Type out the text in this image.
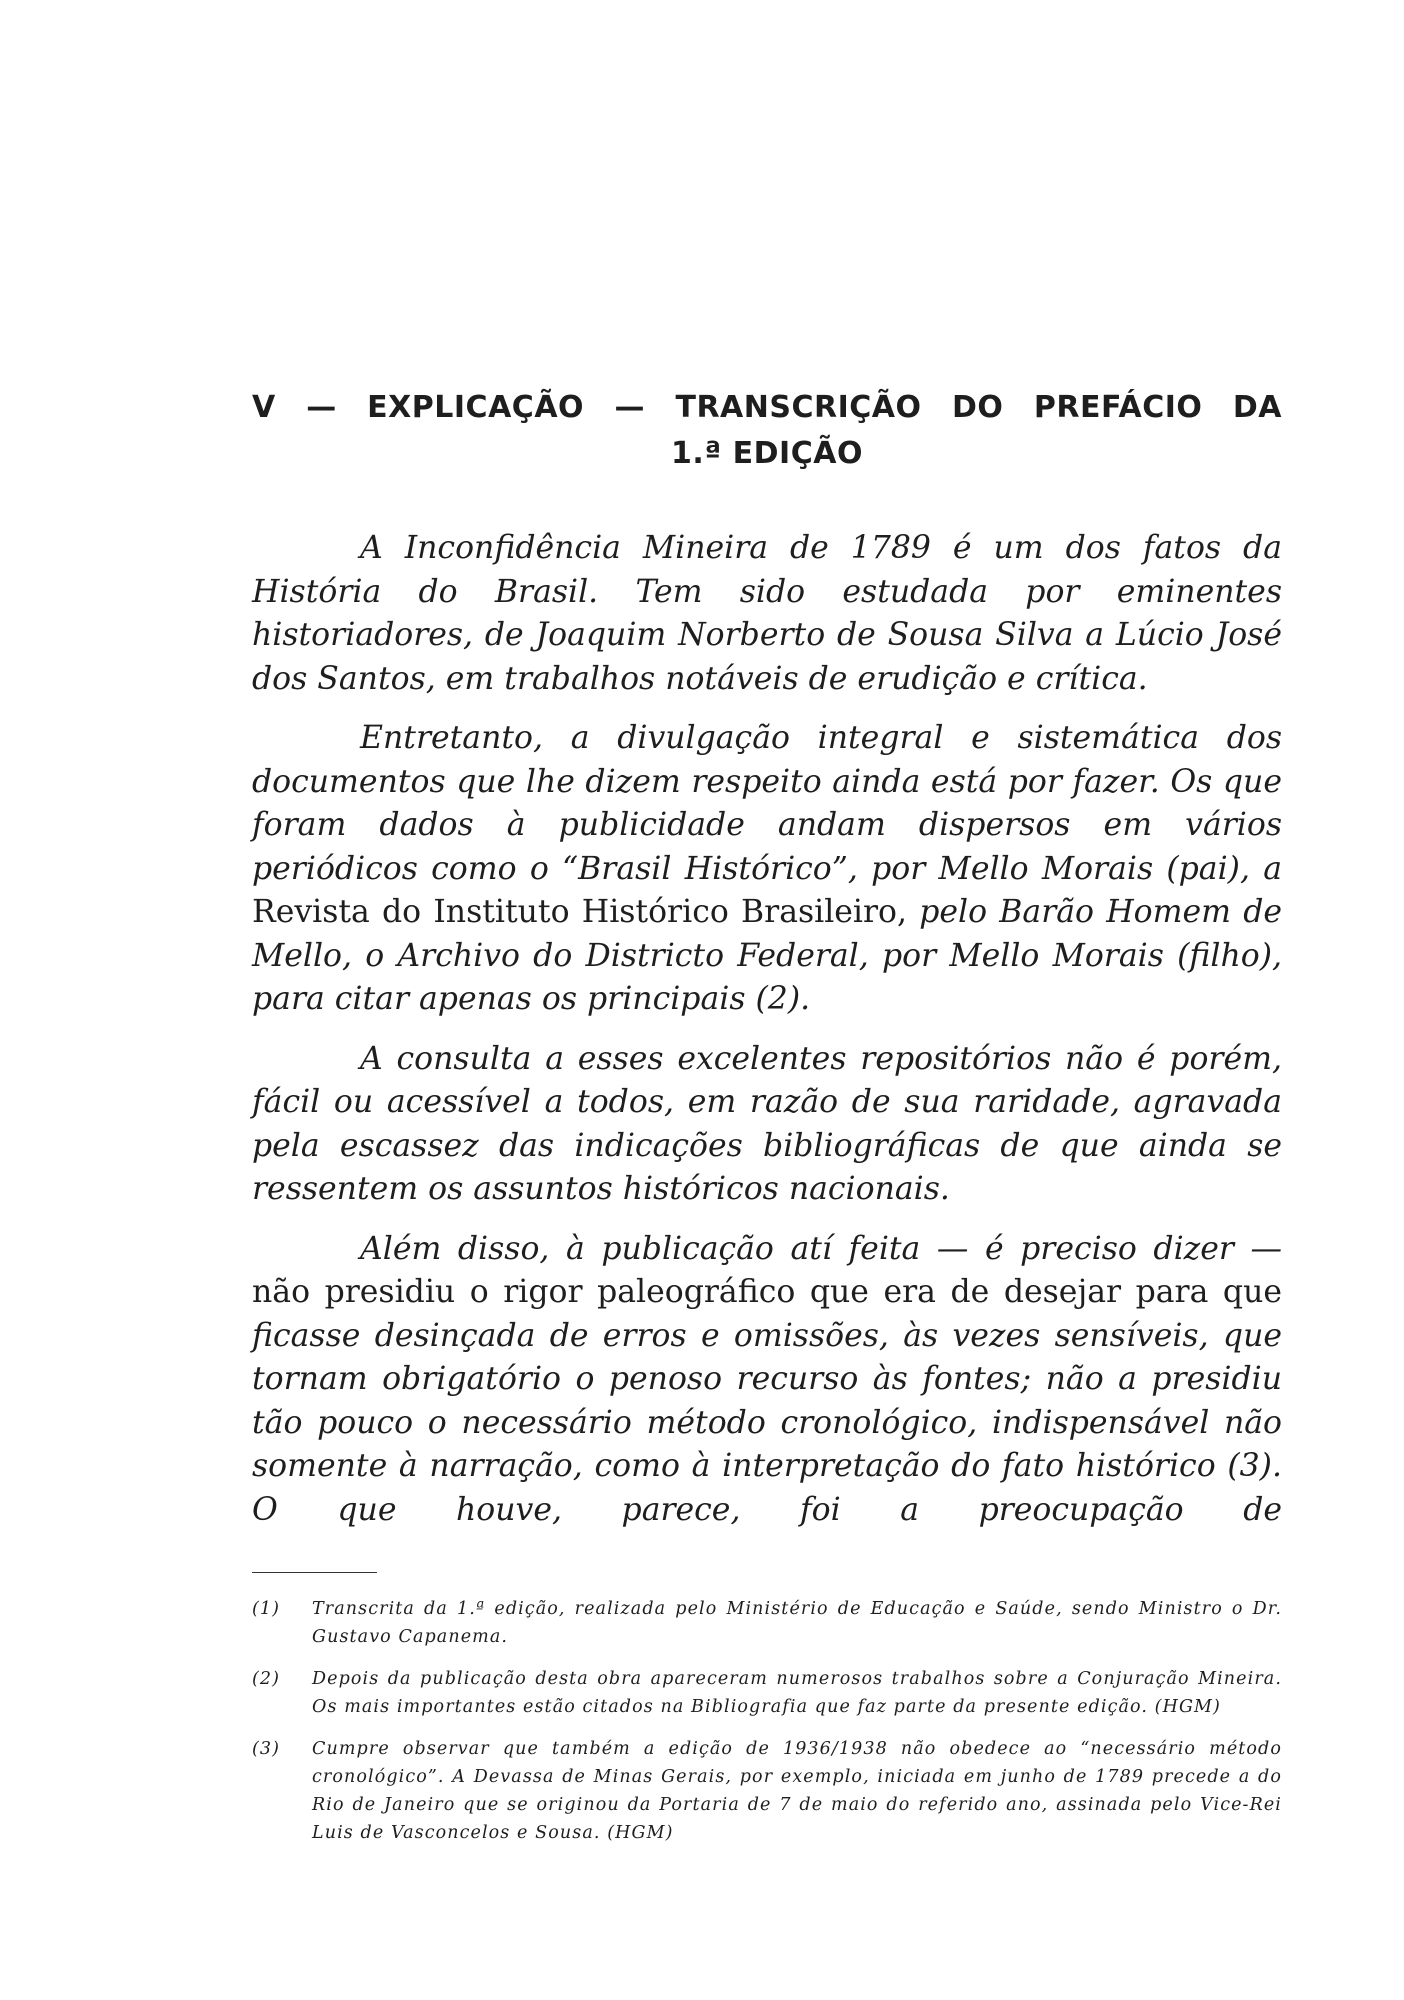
V — EXPLICAÇÃO — TRANSCRIÇÃO DO PREFÁCIO DA
1.ª EDIÇÃO

A Inconfidência Mineira de 1789 é um dos fatos da História do Brasil. Tem sido estudada por eminentes historiadores, de Joaquim Norberto de Sousa Silva a Lúcio José dos Santos, em trabalhos notáveis de erudição e crítica.

Entretanto, a divulgação integral e sistemática dos documentos que lhe dizem respeito ainda está por fazer. Os que foram dados à publicidade andam dispersos em vários periódicos como o “Brasil Histórico”, por Mello Morais (pai), a Revista do Instituto Histórico Brasileiro, pelo Barão Homem de Mello, o Archivo do Districto Federal, por Mello Morais (filho), para citar apenas os principais (2).

A consulta a esses excelentes repositórios não é porém, fácil ou acessível a todos, em razão de sua raridade, agravada pela escassez das indicações bibliográficas de que ainda se ressentem os assuntos históricos nacionais.

Além disso, à publicação atí feita — é preciso dizer — não presidiu o rigor paleográfico que era de desejar para que ficasse desinçada de erros e omissões, às vezes sensíveis, que tornam obrigatório o penoso recurso às fontes; não a presidiu tão pouco o necessário método cronológico, indispensável não somente à narração, como à interpretação do fato histórico (3). O que houve, parece, foi a preocupação de

(1)	Transcrita da 1.ª edição, realizada pelo Ministério de Educação e Saúde, sendo Ministro o Dr. Gustavo Capanema.
(2)	Depois da publicação desta obra apareceram numerosos trabalhos sobre a Conjuração Mineira. Os mais importantes estão citados na Bibliografia que faz parte da presente edição. (HGM)
(3)	Cumpre observar que também a edição de 1936/1938 não obedece ao “necessário método cronológico”. A Devassa de Minas Gerais, por exemplo, iniciada em junho de 1789 precede a do Rio de Janeiro que se originou da Portaria de 7 de maio do referido ano, assinada pelo Vice-Rei Luis de Vasconcelos e Sousa. (HGM)
